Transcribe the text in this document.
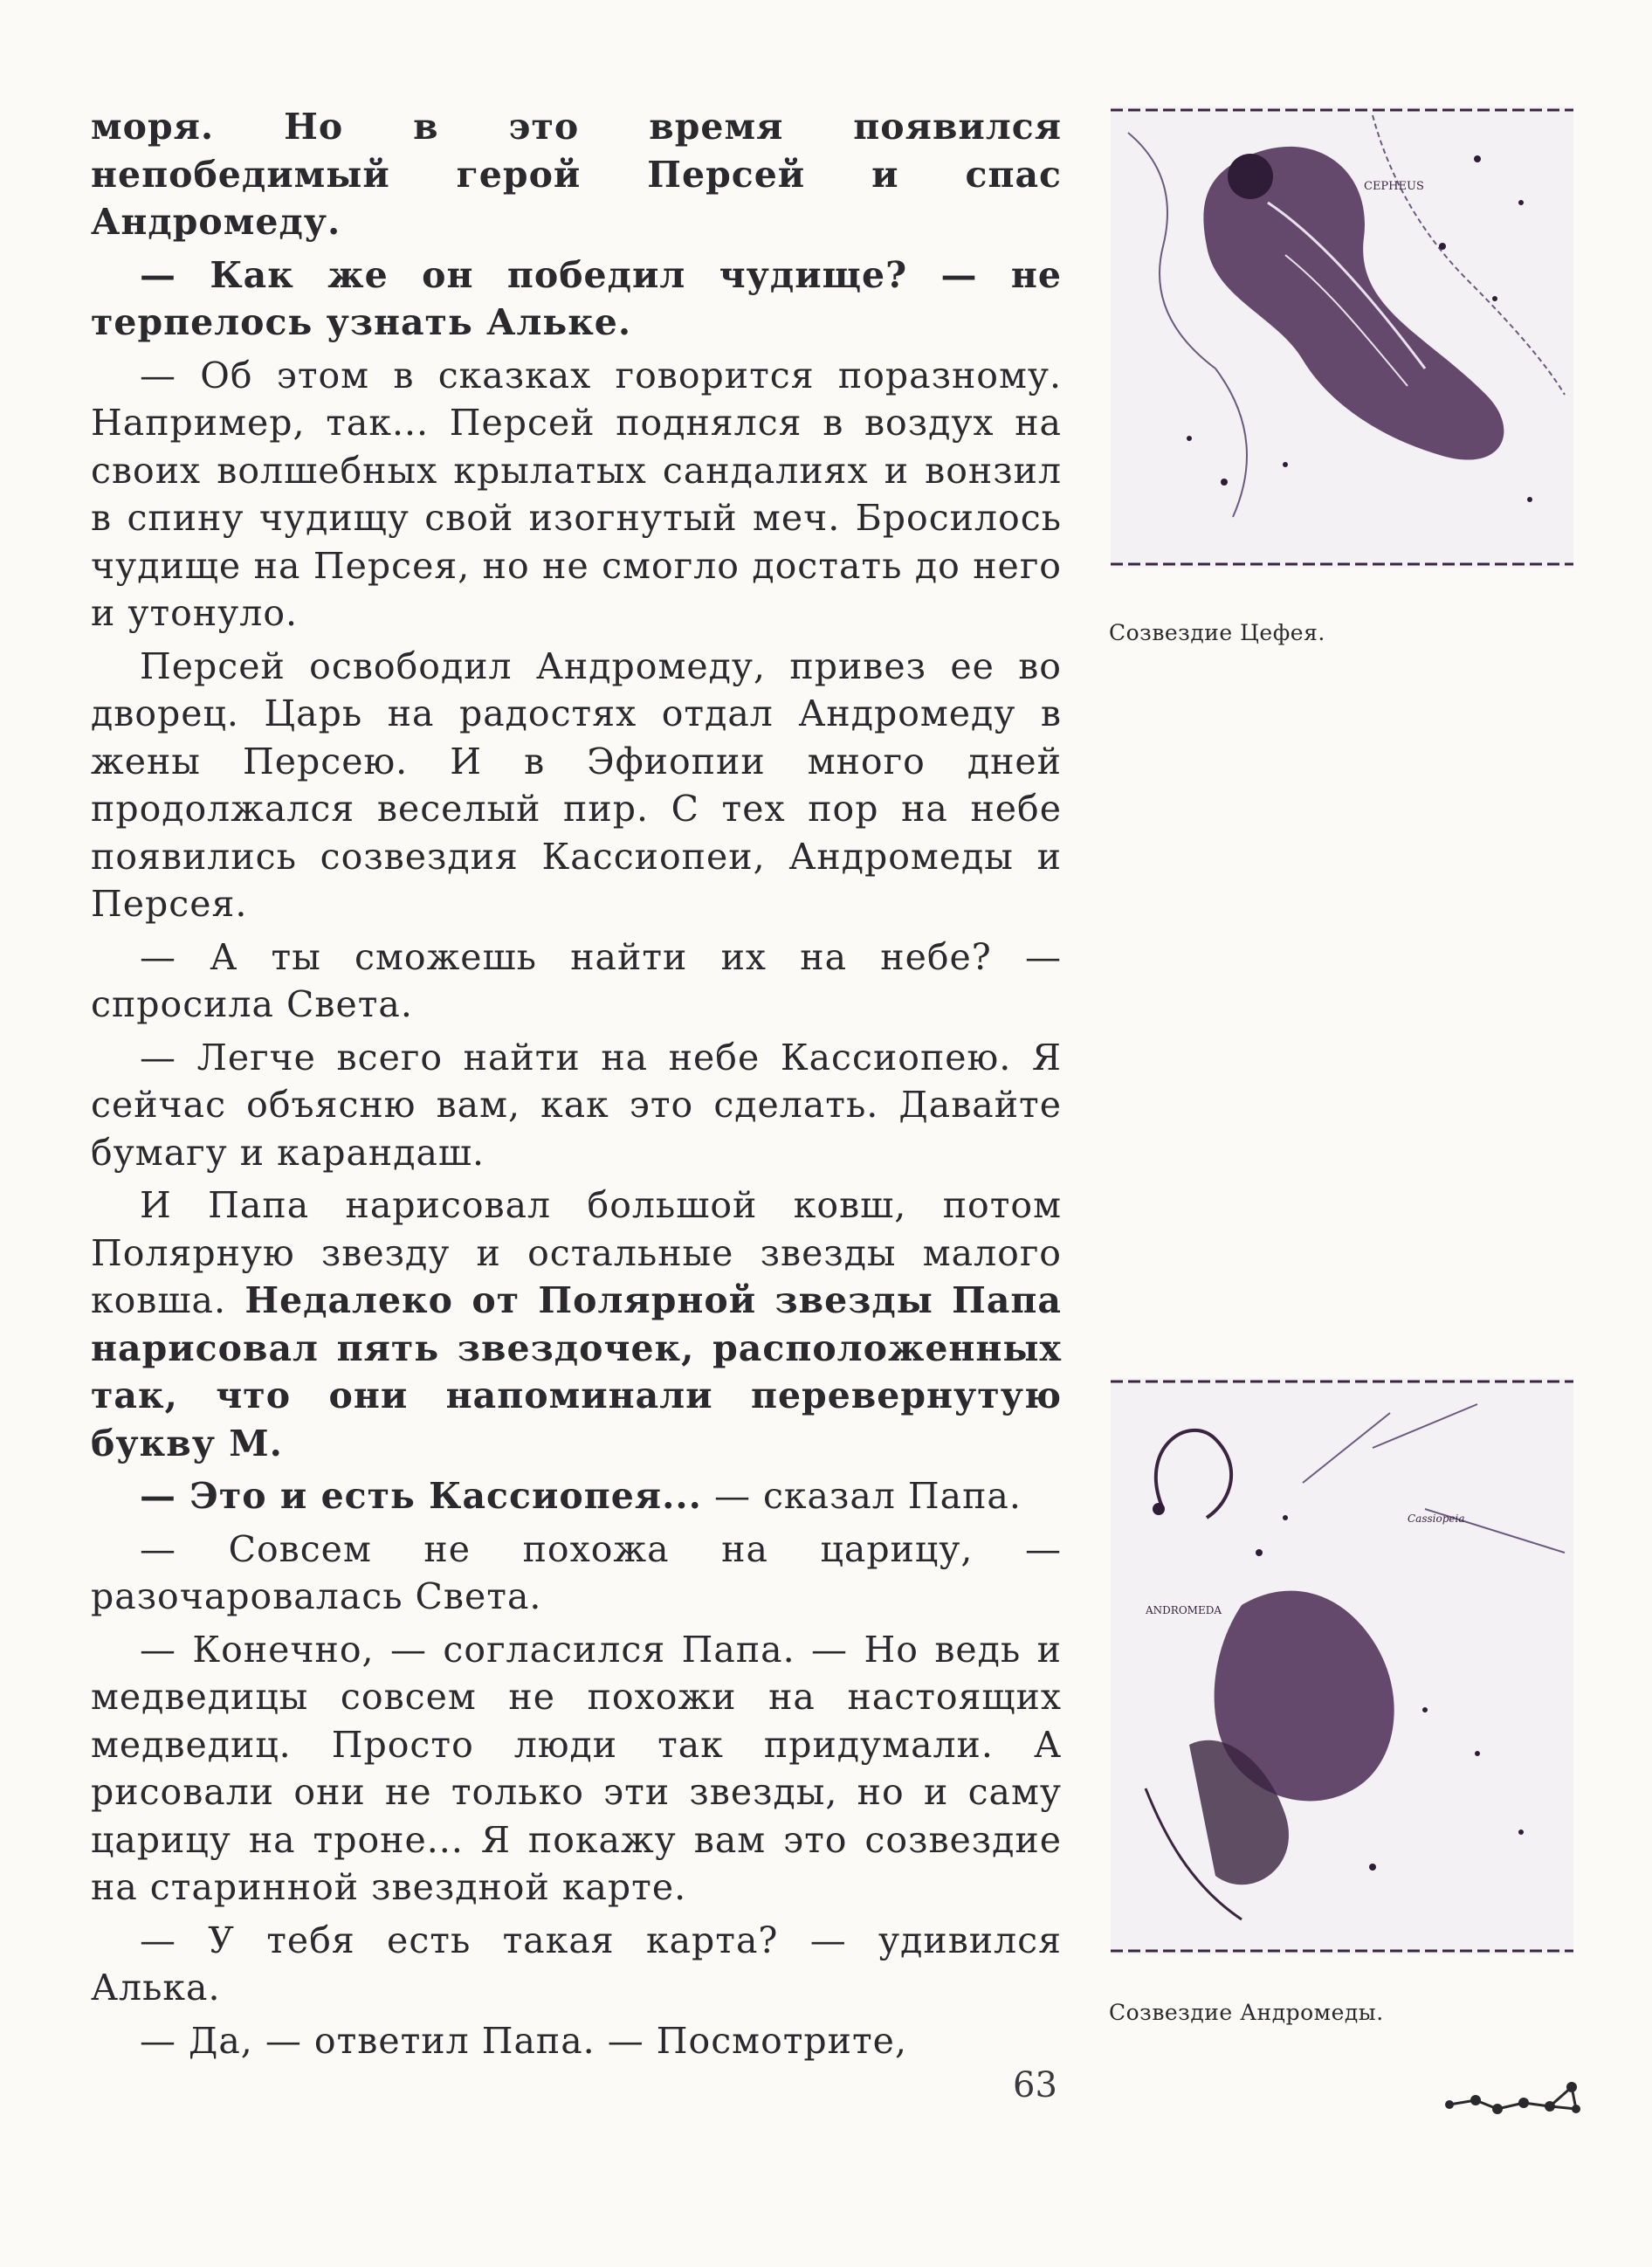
моря. Но в это время появился непобедимый герой Персей и спас Андромеду.

— Как же он победил чудище? — не терпелось узнать Альке.

— Об этом в сказках говорится поразному. Например, так... Персей поднялся в воздух на своих волшебных крылатых сандалиях и вонзил в спину чудищу свой изогнутый меч. Бросилось чудище на Персея, но не смогло достать до него и утонуло.

Персей освободил Андромеду, привез ее во дворец. Царь на радостях отдал Андромеду в жены Персею. И в Эфиопии много дней продолжался веселый пир. С тех пор на небе появились созвездия Кассиопеи, Андромеды и Персея.

— А ты сможешь найти их на небе? — спросила Света.

— Легче всего найти на небе Кассиопею. Я сейчас объясню вам, как это сделать. Давайте бумагу и карандаш.

И Папа нарисовал большой ковш, потом Полярную звезду и остальные звезды малого ковша. Недалеко от Полярной звезды Папа нарисовал пять звездочек, расположенных так, что они напоминали перевернутую букву М.

— Это и есть Кассиопея... — сказал Папа.

— Совсем не похожа на царицу, — разочаровалась Света.

— Конечно, — согласился Папа. — Но ведь и медведицы совсем не похожи на настоящих медведиц. Просто люди так придумали. А рисовали они не только эти звезды, но и саму царицу на троне... Я покажу вам это созвездие на старинной звездной карте.

— У тебя есть такая карта? — удивился Алька.

— Да, — ответил Папа. — Посмотрите,

CEPHEUS
Созвездие Цефея.
ANDROMEDA
Cassiopeia
Созвездие Андромеды.
63
